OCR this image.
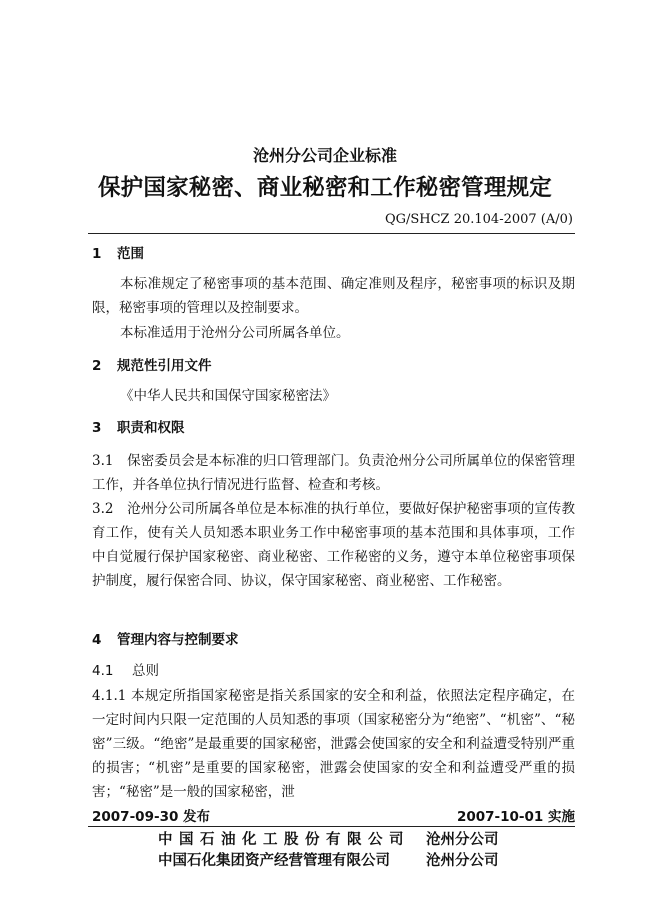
沧州分公司企业标准
保护国家秘密、商业秘密和工作秘密管理规定
QG/SHCZ 20.104-2007 (A/0)
1 范围
本标准规定了秘密事项的基本范围、确定准则及程序，秘密事项的标识及期限，秘密事项的管理以及控制要求。
本标准适用于沧州分公司所属各单位。
2 规范性引用文件
《中华人民共和国保守国家秘密法》
3 职责和权限
3.1　保密委员会是本标准的归口管理部门。负责沧州分公司所属单位的保密管理工作，并各单位执行情况进行监督、检查和考核。
3.2　沧州分公司所属各单位是本标准的执行单位，要做好保护秘密事项的宣传教育工作，使有关人员知悉本职业务工作中秘密事项的基本范围和具体事项，工作中自觉履行保护国家秘密、商业秘密、工作秘密的义务，遵守本单位秘密事项保护制度，履行保密合同、协议，保守国家秘密、商业秘密、工作秘密。
4 管理内容与控制要求
4.1 总则
4.1.1 本规定所指国家秘密是指关系国家的安全和利益，依照法定程序确定，在一定时间内只限一定范围的人员知悉的事项（国家秘密分为“绝密”、“机密”、“秘密”三级。“绝密”是最重要的国家秘密，泄露会使国家的安全和利益遭受特别严重的损害；“机密”是重要的国家秘密，泄露会使国家的安全和利益遭受严重的损害；“秘密”是一般的国家秘密，泄
2007-09-30 发布	2007-10-01 实施
中国石油化工股份有限公司 沧州分公司
中国石化集团资产经营管理有限公司 沧州分公司
